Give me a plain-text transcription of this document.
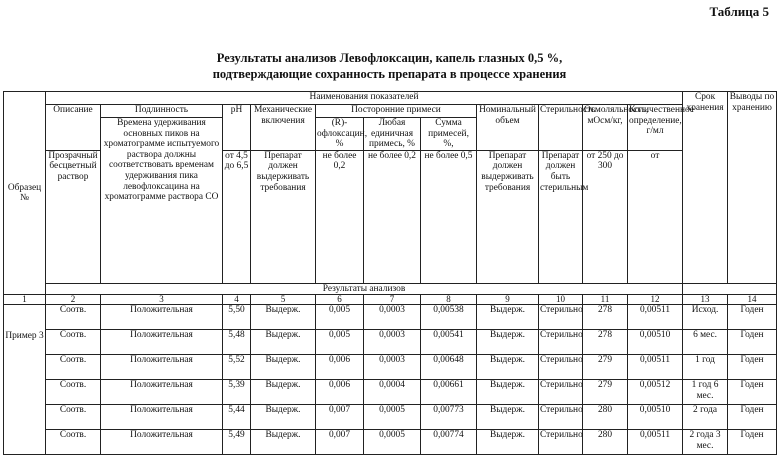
Таблица 5
Результаты анализов Левофлоксацин, капель глазных 0,5 %,
подтверждающие сохранность препарата в процессе хранения
Образец №	Наименования показателей											Срок хранения	Выводы по хранению
	Описание	Подлинность	pH	Механические включения	Посторонние примеси			Номинальный объем	Стерильность	Осмоляльность, мОсм/кг,	Количественное определение, г/мл		
		Времена удерживания основных пиков на хроматограмме испытуемого раствора должны соответствовать временам удерживания пика левофлоксацина на хроматограмме раствора СО			(R)-офлоксацин, %	Любая единичная примесь, %	Сумма примесей, %,						
	Прозрачный бесцветный раствор		от 4,5 до 6,5	Препарат должен выдерживать требования	не более 0,2	не более 0,2	не более 0,5	Препарат должен выдерживать требования	Препарат должен быть стерильным	от 250 до 300	от		
	Результаты анализов												
1	2	3	4	5	6	7	8	9	10	11	12	13	14
Пример 3	Соотв.	Положительная	5,50	Выдерж.	0,005	0,0003	0,00538	Выдерж.	Стерильно	278	0,00511	Исход.	Годен
	Соотв.	Положительная	5,48	Выдерж.	0,005	0,0003	0,00541	Выдерж.	Стерильно	278	0,00510	6 мес.	Годен
	Соотв.	Положительная	5,52	Выдерж.	0,006	0,0003	0,00648	Выдерж.	Стерильно	279	0,00511	1 год	Годен
	Соотв.	Положительная	5,39	Выдерж.	0,006	0,0004	0,00661	Выдерж.	Стерильно	279	0,00512	1 год 6 мес.	Годен
	Соотв.	Положительная	5,44	Выдерж.	0,007	0,0005	0,00773	Выдерж.	Стерильно	280	0,00510	2 года	Годен
	Соотв.	Положительная	5,49	Выдерж.	0,007	0,0005	0,00774	Выдерж.	Стерильно	280	0,00511	2 года 3 мес.	Годен
